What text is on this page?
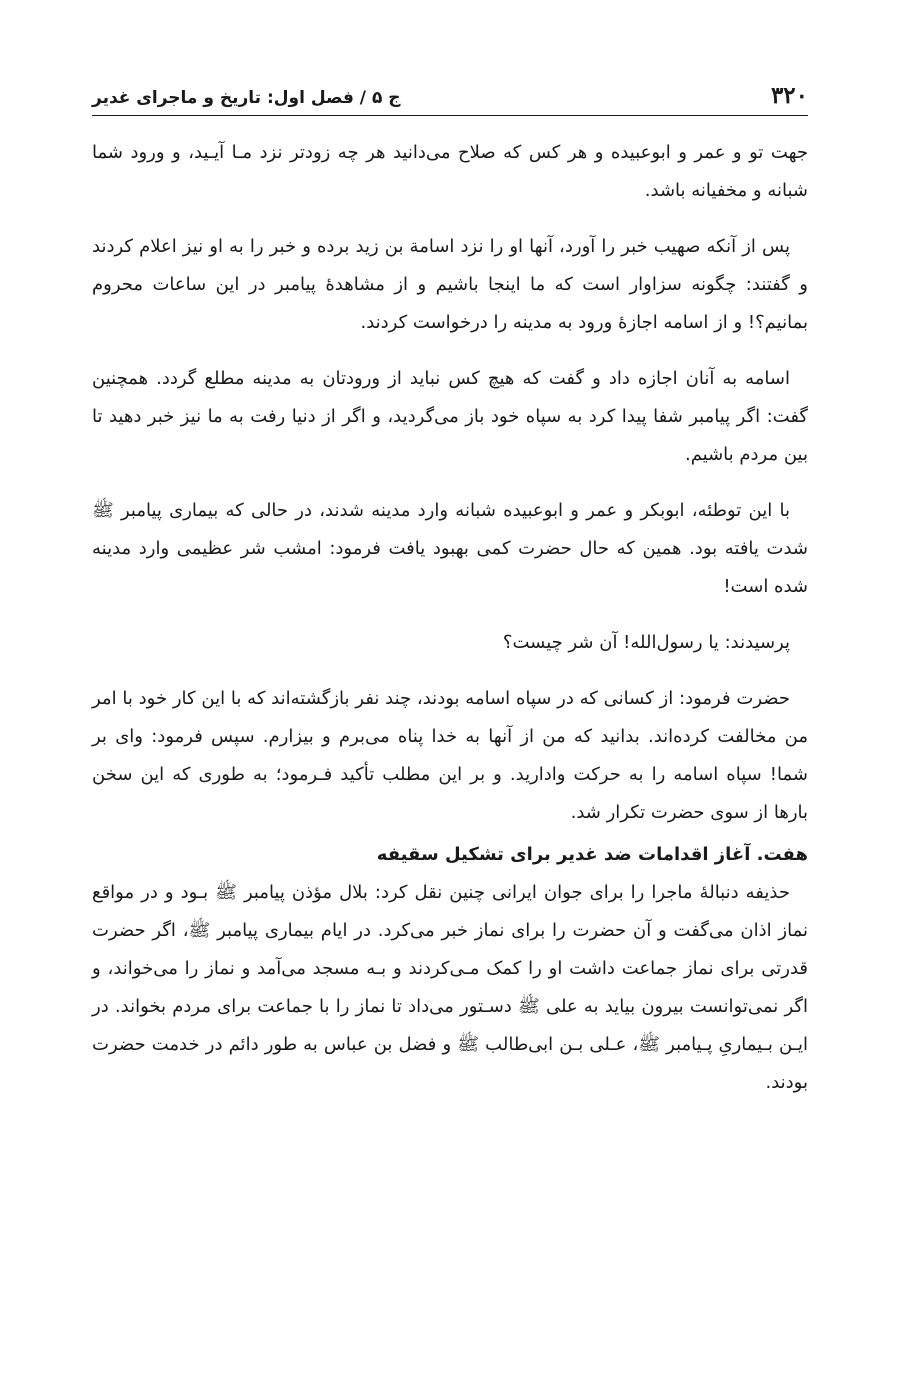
۳۲۰
ج ۵ / فصل اول: تاریخ و ماجرای غدیر

جهت تو و عمر و ابوعبیده و هر کس که صلاح می‌دانید هر چه زودتر نزد مـا آیـید، و ورود شما شبانه و مخفیانه باشد.

پس از آنکه صهیب خبر را آورد، آنها او را نزد اسامة بن زید برده و خبر را به او نیز اعلام کردند و گفتند: چگونه سزاوار است که ما اینجا باشیم و از مشاهدهٔ پیامبر در این ساعات محروم بمانیم؟! و از اسامه اجازهٔ ورود به مدینه را درخواست کردند.

اسامه به آنان اجازه داد و گفت که هیچ کس نباید از ورودتان به مدینه مطلع گردد. همچنین گفت: اگر پیامبر شفا پیدا کرد به سپاه خود باز می‌گردید، و اگر از دنیا رفت به ما نیز خبر دهید تا بین مردم باشیم.

با این توطئه، ابوبکر و عمر و ابوعبیده شبانه وارد مدینه شدند، در حالی که بیماری پیامبر ﷺ شدت یافته بود. همین که حال حضرت کمی بهبود یافت فرمود: امشب شر عظیمی وارد مدینه شده است!

پرسیدند: یا رسول‌الله! آن شر چیست؟

حضرت فرمود: از کسانی که در سپاه اسامه بودند، چند نفر بازگشته‌اند که با این کار خود با امر من مخالفت کرده‌اند. بدانید که من از آنها به خدا پناه می‌برم و بیزارم. سپس فرمود: وای بر شما! سپاه اسامه را به حرکت وادارید. و بر این مطلب تأکید فـرمود؛ به طوری که این سخن بارها از سوی حضرت تکرار شد.

هفت. آغاز اقدامات ضد غدیر برای تشکیل سقیفه

حذیفه دنبالهٔ ماجرا را برای جوان ایرانی چنین نقل کرد: بلال مؤذن پیامبر ﷺ بـود و در مواقع نماز اذان می‌گفت و آن حضرت را برای نماز خبر می‌کرد. در ایام بیماری پیامبر ﷺ، اگر حضرت قدرتی برای نماز جماعت داشت او را کمک مـی‌کردند و بـه مسجد می‌آمد و نماز را می‌خواند، و اگر نمی‌توانست بیرون بیاید به علی ﷺ دسـتور می‌داد تا نماز را با جماعت برای مردم بخواند. در ایـن بـیماریِ پـیامبر ﷺ، عـلی بـن ابی‌طالب ﷺ و فضل بن عباس به طور دائم در خدمت حضرت بودند.
